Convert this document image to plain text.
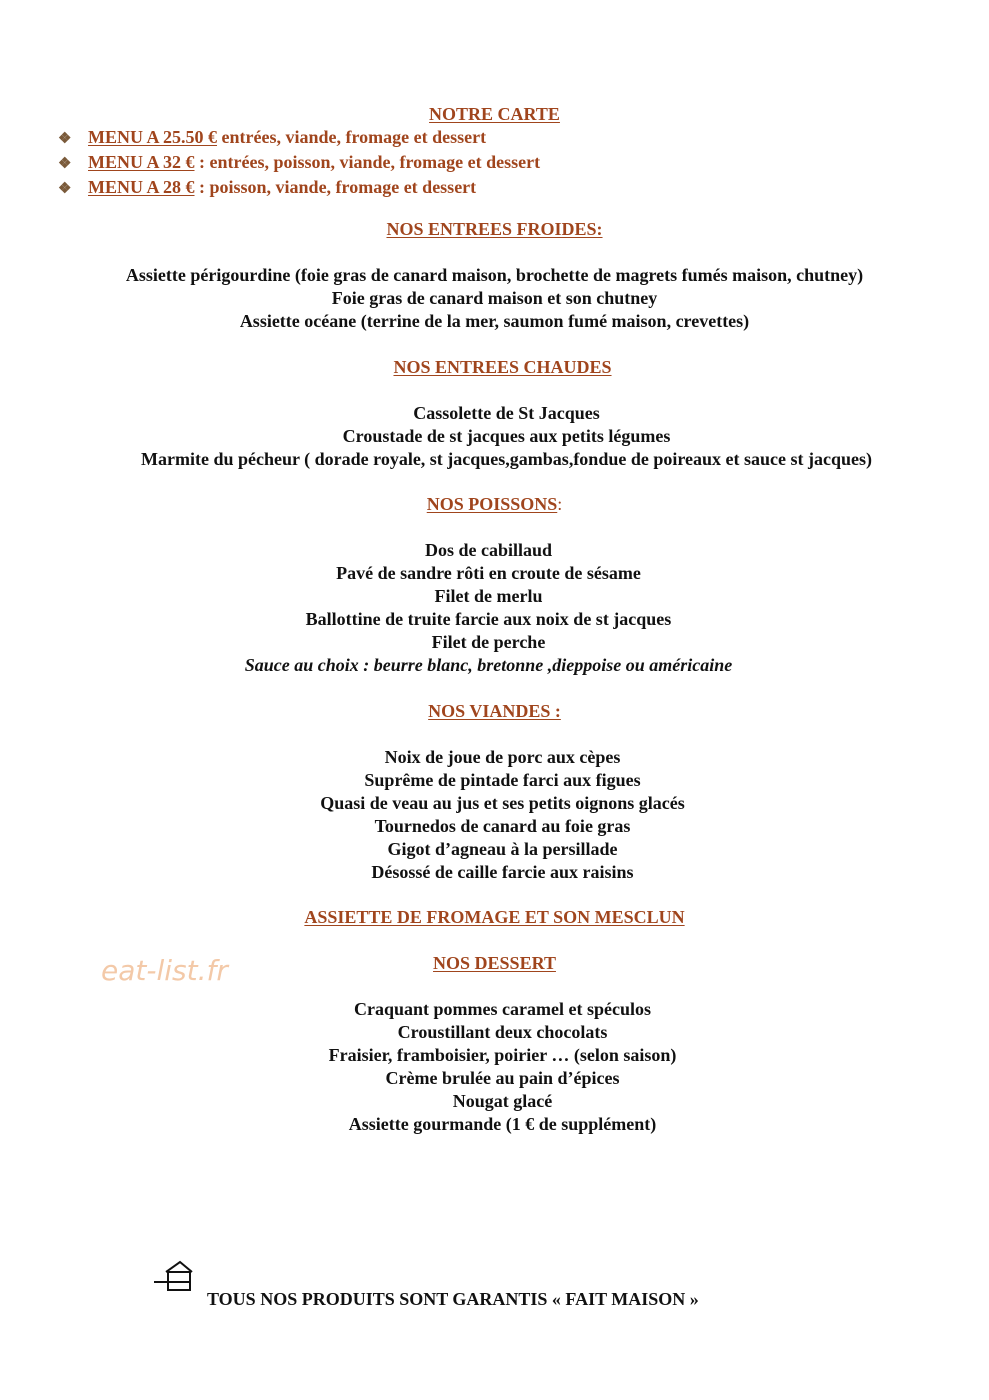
NOTRE CARTE
❖ MENU A 25.50 € entrées, viande, fromage et dessert
❖ MENU A 32 € : entrées, poisson, viande, fromage et dessert
❖ MENU A 28 € : poisson, viande, fromage et dessert
NOS ENTREES FROIDES:
Assiette périgourdine (foie gras de canard maison, brochette de magrets fumés maison, chutney)
Foie gras de canard maison et son chutney
Assiette océane (terrine de la mer, saumon fumé maison, crevettes)
NOS ENTREES CHAUDES
Cassolette de St Jacques
Croustade de st jacques aux petits légumes
Marmite du pécheur ( dorade royale, st jacques,gambas,fondue de poireaux et sauce st jacques)
NOS POISSONS:
Dos de cabillaud
Pavé de sandre rôti en croute de sésame
Filet de merlu
Ballottine de truite farcie aux noix de st jacques
Filet de perche
Sauce au choix : beurre blanc, bretonne ,dieppoise ou américaine
NOS VIANDES :
Noix de joue de porc aux cèpes
Suprême de pintade farci aux figues
Quasi de veau au jus et ses petits oignons glacés
Tournedos de canard au foie gras
Gigot d’agneau à la persillade
Désossé de caille farcie aux raisins
ASSIETTE DE FROMAGE ET SON MESCLUN
NOS DESSERT
Craquant pommes caramel et spéculos
Croustillant deux chocolats
Fraisier, framboisier, poirier … (selon saison)
Crème brulée au pain d’épices
Nougat glacé
Assiette gourmande (1 € de supplément)
eat-list.fr
TOUS NOS PRODUITS SONT GARANTIS « FAIT MAISON »
